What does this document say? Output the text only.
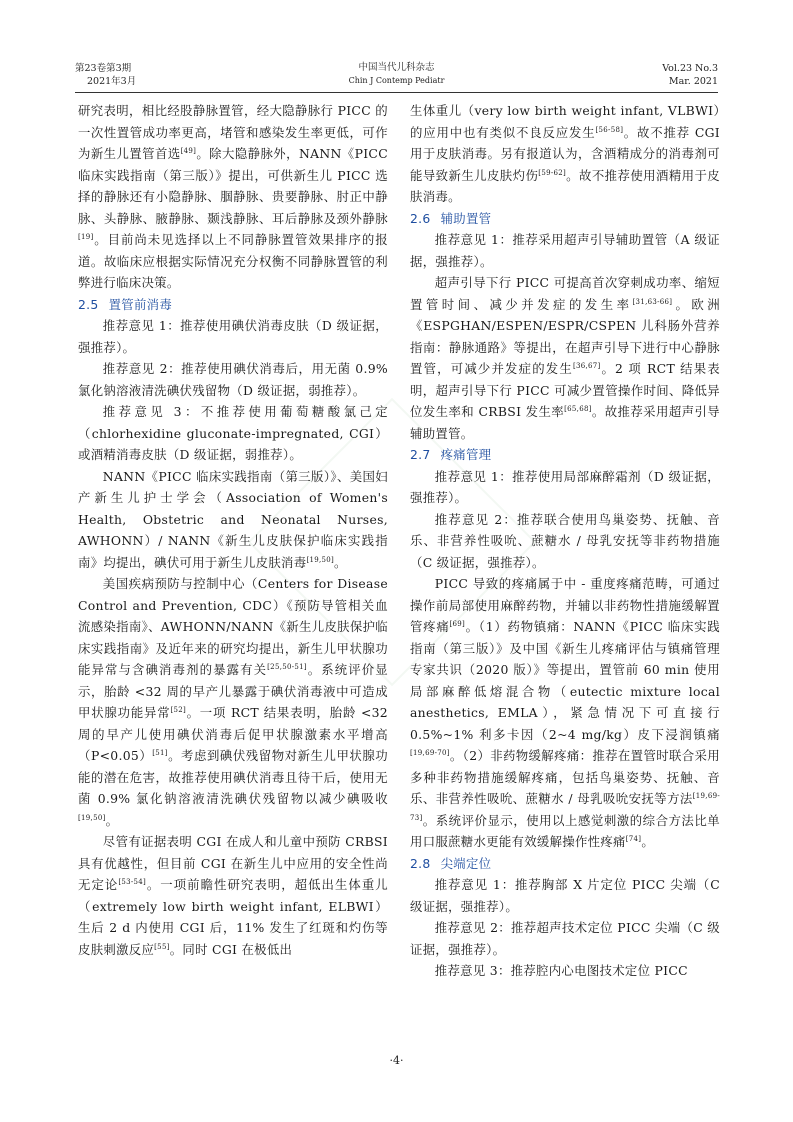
第23卷第3期
2021年3月
中国当代儿科杂志
Chin J Contemp Pediatr
Vol.23 No.3
Mar. 2021

研究表明，相比经股静脉置管，经大隐静脉行 PICC 的一次性置管成功率更高，堵管和感染发生率更低，可作为新生儿置管首选[49]。除大隐静脉外，NANN《PICC 临床实践指南（第三版）》提出，可供新生儿 PICC 选择的静脉还有小隐静脉、腘静脉、贵要静脉、肘正中静脉、头静脉、腋静脉、颞浅静脉、耳后静脉及颈外静脉[19]。目前尚未见选择以上不同静脉置管效果排序的报道。故临床应根据实际情况充分权衡不同静脉置管的利弊进行临床决策。

2.5 置管前消毒

推荐意见 1：推荐使用碘伏消毒皮肤（D 级证据，强推荐）。

推荐意见 2：推荐使用碘伏消毒后，用无菌 0.9% 氯化钠溶液清洗碘伏残留物（D 级证据，弱推荐）。

推荐意见 3：不推荐使用葡萄糖酸氯己定（chlorhexidine gluconate-impregnated, CGI）或酒精消毒皮肤（D 级证据，弱推荐）。

NANN《PICC 临床实践指南（第三版）》、美国妇产新生儿护士学会（Association of Women's Health, Obstetric and Neonatal Nurses, AWHONN）/ NANN《新生儿皮肤保护临床实践指南》均提出，碘伏可用于新生儿皮肤消毒[19,50]。

美国疾病预防与控制中心（Centers for Disease Control and Prevention, CDC）《预防导管相关血流感染指南》、AWHONN/NANN《新生儿皮肤保护临床实践指南》及近年来的研究均提出，新生儿甲状腺功能异常与含碘消毒剂的暴露有关[25,50-51]。系统评价显示，胎龄 <32 周的早产儿暴露于碘伏消毒液中可造成甲状腺功能异常[52]。一项 RCT 结果表明，胎龄 <32 周的早产儿使用碘伏消毒后促甲状腺激素水平增高（P<0.05）[51]。考虑到碘伏残留物对新生儿甲状腺功能的潜在危害，故推荐使用碘伏消毒且待干后，使用无菌 0.9% 氯化钠溶液清洗碘伏残留物以减少碘吸收[19,50]。

尽管有证据表明 CGI 在成人和儿童中预防 CRBSI 具有优越性，但目前 CGI 在新生儿中应用的安全性尚无定论[53-54]。一项前瞻性研究表明，超低出生体重儿（extremely low birth weight infant, ELBWI）生后 2 d 内使用 CGI 后，11% 发生了红斑和灼伤等皮肤刺激反应[55]。同时 CGI 在极低出

生体重儿（very low birth weight infant, VLBWI）的应用中也有类似不良反应发生[56-58]。故不推荐 CGI 用于皮肤消毒。另有报道认为，含酒精成分的消毒剂可能导致新生儿皮肤灼伤[59-62]。故不推荐使用酒精用于皮肤消毒。

2.6 辅助置管

推荐意见 1：推荐采用超声引导辅助置管（A 级证据，强推荐）。

超声引导下行 PICC 可提高首次穿刺成功率、缩短置管时间、减少并发症的发生率[31,63-66]。欧洲《ESPGHAN/ESPEN/ESPR/CSPEN 儿科肠外营养指南：静脉通路》等提出，在超声引导下进行中心静脉置管，可减少并发症的发生[36,67]。2 项 RCT 结果表明，超声引导下行 PICC 可减少置管操作时间、降低异位发生率和 CRBSI 发生率[65,68]。故推荐采用超声引导辅助置管。

2.7 疼痛管理

推荐意见 1：推荐使用局部麻醉霜剂（D 级证据，强推荐）。

推荐意见 2：推荐联合使用鸟巢姿势、抚触、音乐、非营养性吸吮、蔗糖水 / 母乳安抚等非药物措施（C 级证据，强推荐）。

PICC 导致的疼痛属于中 - 重度疼痛范畴，可通过操作前局部使用麻醉药物，并辅以非药物性措施缓解置管疼痛[69]。（1）药物镇痛：NANN《PICC 临床实践指南（第三版）》及中国《新生儿疼痛评估与镇痛管理专家共识（2020 版）》等提出，置管前 60 min 使用局部麻醉低熔混合物（eutectic mixture local anesthetics, EMLA），紧急情况下可直接行 0.5%~1% 利多卡因（2~4 mg/kg）皮下浸润镇痛[19,69-70]。（2）非药物缓解疼痛：推荐在置管时联合采用多种非药物措施缓解疼痛，包括鸟巢姿势、抚触、音乐、非营养性吸吮、蔗糖水 / 母乳吸吮安抚等方法[19,69-73]。系统评价显示，使用以上感觉刺激的综合方法比单用口服蔗糖水更能有效缓解操作性疼痛[74]。

2.8 尖端定位

推荐意见 1：推荐胸部 X 片定位 PICC 尖端（C 级证据，强推荐）。

推荐意见 2：推荐超声技术定位 PICC 尖端（C 级证据，强推荐）。

推荐意见 3：推荐腔内心电图技术定位 PICC

·4·
